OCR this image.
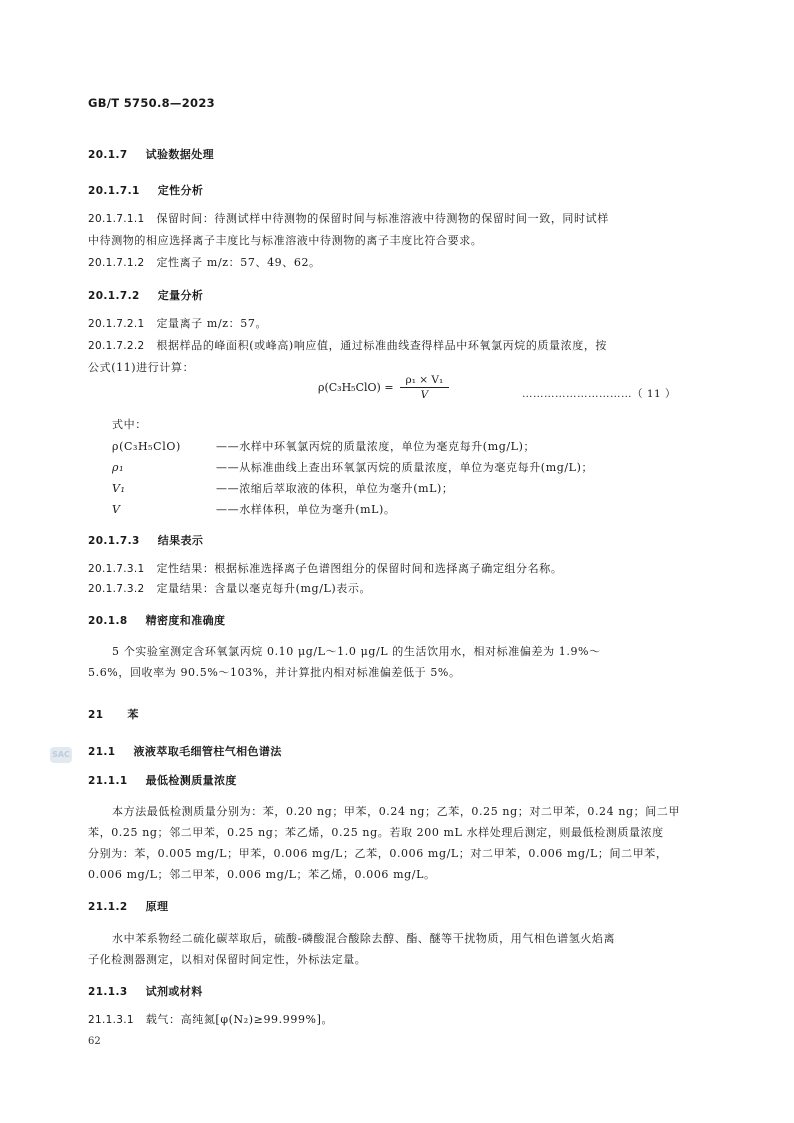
GB/T 5750.8—2023
20.1.7 试验数据处理
20.1.7.1 定性分析
20.1.7.1.1 保留时间：待测试样中待测物的保留时间与标准溶液中待测物的保留时间一致，同时试样
中待测物的相应选择离子丰度比与标准溶液中待测物的离子丰度比符合要求。
20.1.7.1.2 定性离子 m/z：57、49、62。
20.1.7.2 定量分析
20.1.7.2.1 定量离子 m/z：57。
20.1.7.2.2 根据样品的峰面积(或峰高)响应值，通过标准曲线查得样品中环氧氯丙烷的质量浓度，按
公式(11)进行计算：
$\rho(C_3H_5ClO) = \frac{\text{ρ₁ × V₁}}{V}$	…………………………（ 11 ）
式中：
ρ(C₃H₅ClO)	——水样中环氧氯丙烷的质量浓度，单位为毫克每升(mg/L)；
ρ₁	——从标准曲线上查出环氧氯丙烷的质量浓度，单位为毫克每升(mg/L)；
V₁	——浓缩后萃取液的体积，单位为毫升(mL)；
V	——水样体积，单位为毫升(mL)。
20.1.7.3 结果表示
20.1.7.3.1 定性结果：根据标准选择离子色谱图组分的保留时间和选择离子确定组分名称。
20.1.7.3.2 定量结果：含量以毫克每升(mg/L)表示。
20.1.8 精密度和准确度
5 个实验室测定含环氧氯丙烷 0.10 μg/L～1.0 μg/L 的生活饮用水，相对标准偏差为 1.9%～
5.6%，回收率为 90.5%～103%，并计算批内相对标准偏差低于 5%。
21 苯
SAC 21.1 液液萃取毛细管柱气相色谱法
21.1.1 最低检测质量浓度
本方法最低检测质量分别为：苯，0.20 ng；甲苯，0.24 ng；乙苯，0.25 ng；对二甲苯，0.24 ng；间二甲
苯，0.25 ng；邻二甲苯，0.25 ng；苯乙烯，0.25 ng。若取 200 mL 水样处理后测定，则最低检测质量浓度
分别为：苯，0.005 mg/L；甲苯，0.006 mg/L；乙苯，0.006 mg/L；对二甲苯，0.006 mg/L；间二甲苯，
0.006 mg/L；邻二甲苯，0.006 mg/L；苯乙烯，0.006 mg/L。
21.1.2 原理
水中苯系物经二硫化碳萃取后，硫酸-磷酸混合酸除去醇、酯、醚等干扰物质，用气相色谱氢火焰离
子化检测器测定，以相对保留时间定性，外标法定量。
21.1.3 试剂或材料
21.1.3.1 载气：高纯氮[φ(N₂)≥99.999%]。
62
